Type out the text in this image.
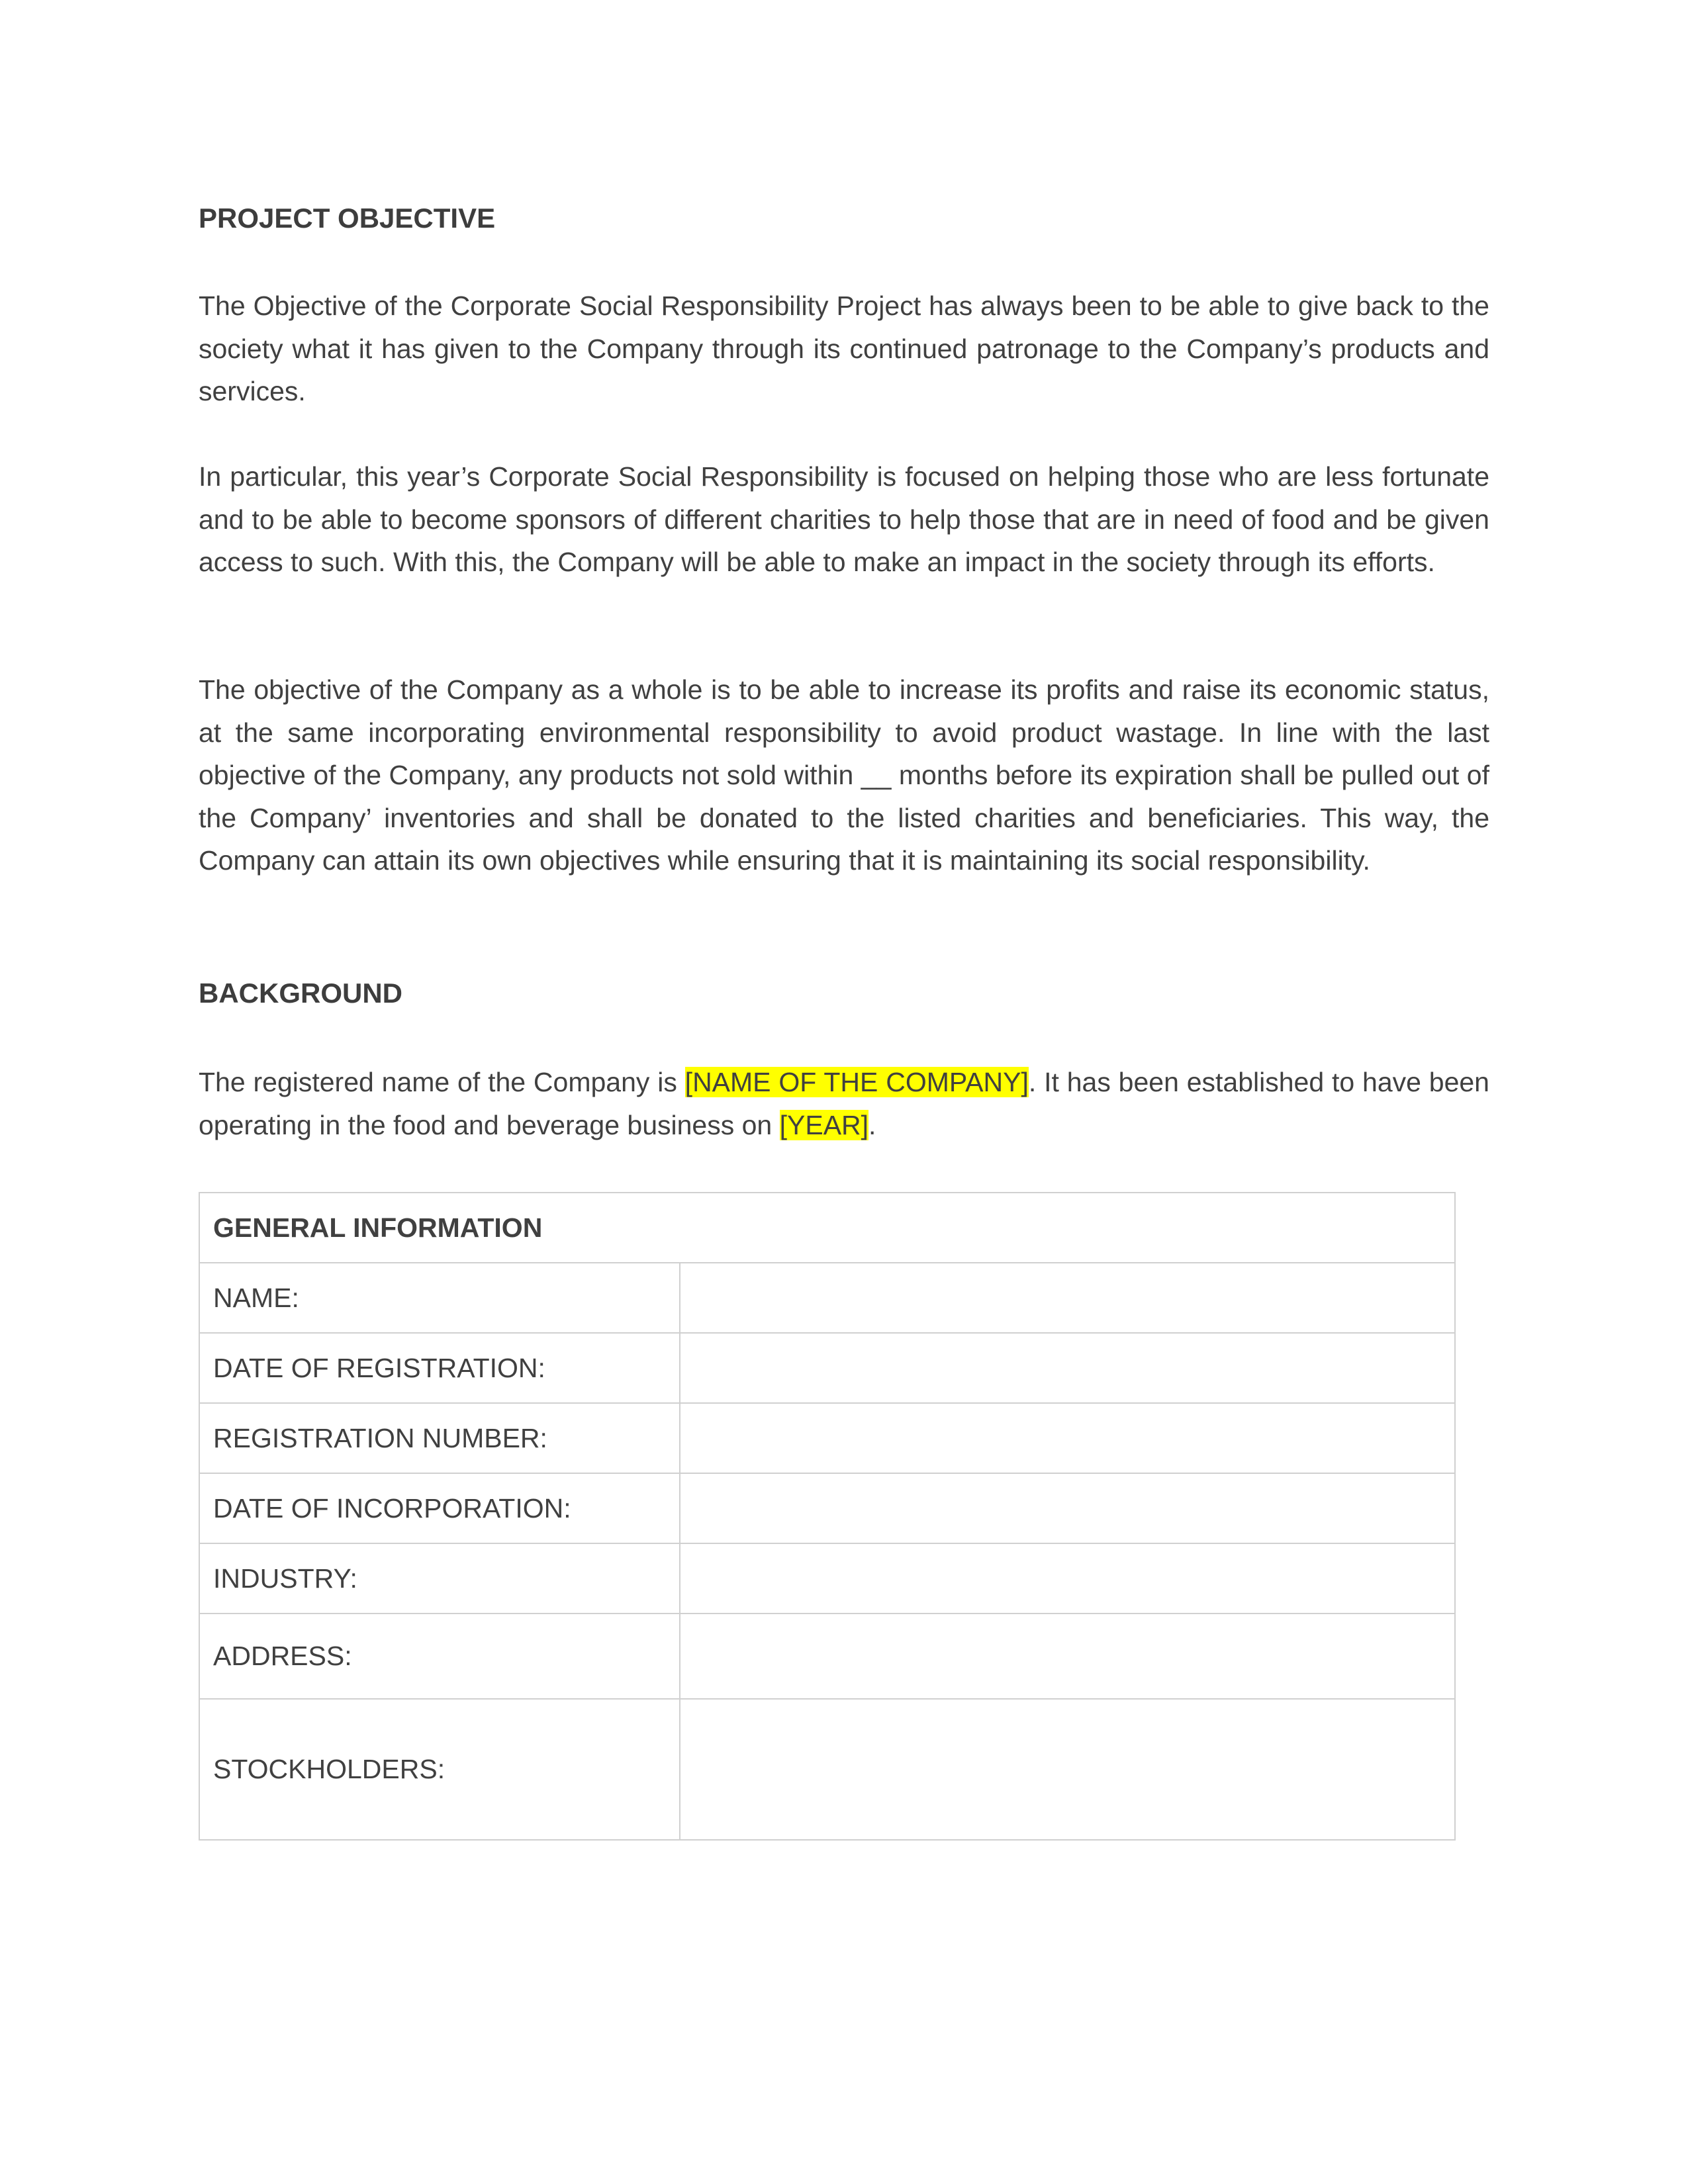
PROJECT OBJECTIVE

The Objective of the Corporate Social Responsibility Project has always been to be able to give back to the society what it has given to the Company through its continued patronage to the Company’s products and services.

In particular, this year’s Corporate Social Responsibility is focused on helping those who are less fortunate and to be able to become sponsors of different charities to help those that are in need of food and be given access to such. With this, the Company will be able to make an impact in the society through its efforts.

The objective of the Company as a whole is to be able to increase its profits and raise its economic status, at the same incorporating environmental responsibility to avoid product wastage. In line with the last objective of the Company, any products not sold within __ months before its expiration shall be pulled out of the Company’ inventories and shall be donated to the listed charities and beneficiaries. This way, the Company can attain its own objectives while ensuring that it is maintaining its social responsibility.

BACKGROUND

The registered name of the Company is [NAME OF THE COMPANY]. It has been established to have been operating in the food and beverage business on [YEAR].

GENERAL INFORMATION	
NAME:	
DATE OF REGISTRATION:	
REGISTRATION NUMBER:	
DATE OF INCORPORATION:	
INDUSTRY:	
ADDRESS:	
STOCKHOLDERS:	
